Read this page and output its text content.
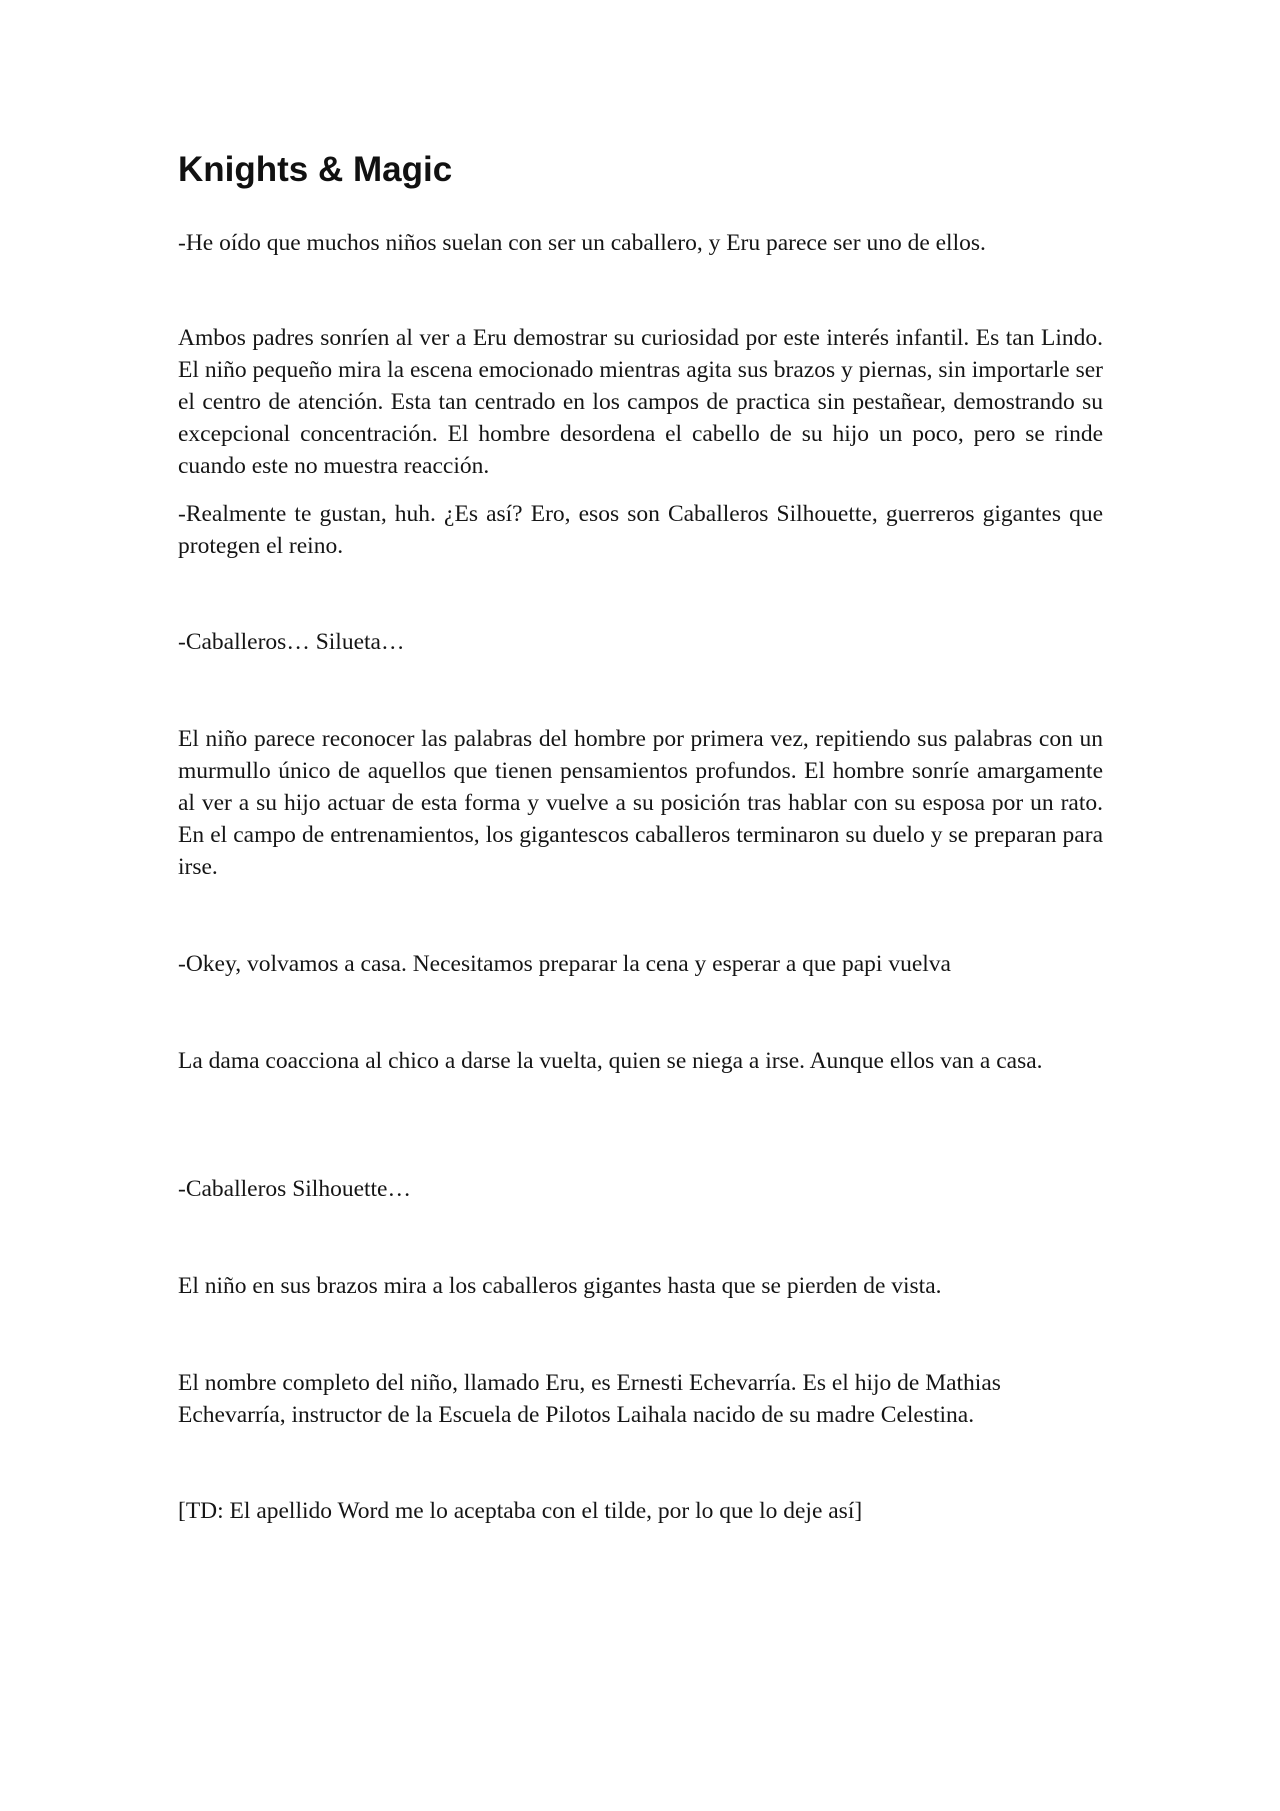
Knights & Magic

-He oído que muchos niños suelan con ser un caballero, y Eru parece ser uno de ellos.

Ambos padres sonríen al ver a Eru demostrar su curiosidad por este interés infantil. Es tan Lindo. El niño pequeño mira la escena emocionado mientras agita sus brazos y piernas, sin importarle ser el centro de atención. Esta tan centrado en los campos de practica sin pestañear, demostrando su excepcional concentración. El hombre desordena el cabello de su hijo un poco, pero se rinde cuando este no muestra reacción.

-Realmente te gustan, huh. ¿Es así? Ero, esos son Caballeros Silhouette, guerreros gigantes que protegen el reino.

-Caballeros… Silueta…

El niño parece reconocer las palabras del hombre por primera vez, repitiendo sus palabras con un murmullo único de aquellos que tienen pensamientos profundos. El hombre sonríe amargamente al ver a su hijo actuar de esta forma y vuelve a su posición tras hablar con su esposa por un rato. En el campo de entrenamientos, los gigantescos caballeros terminaron su duelo y se preparan para irse.

-Okey, volvamos a casa. Necesitamos preparar la cena y esperar a que papi vuelva

La dama coacciona al chico a darse la vuelta, quien se niega a irse. Aunque ellos van a casa.

-Caballeros Silhouette…

El niño en sus brazos mira a los caballeros gigantes hasta que se pierden de vista.

El nombre completo del niño, llamado Eru, es Ernesti Echevarría. Es el hijo de Mathias Echevarría, instructor de la Escuela de Pilotos Laihala nacido de su madre Celestina.

[TD: El apellido Word me lo aceptaba con el tilde, por lo que lo deje así]
